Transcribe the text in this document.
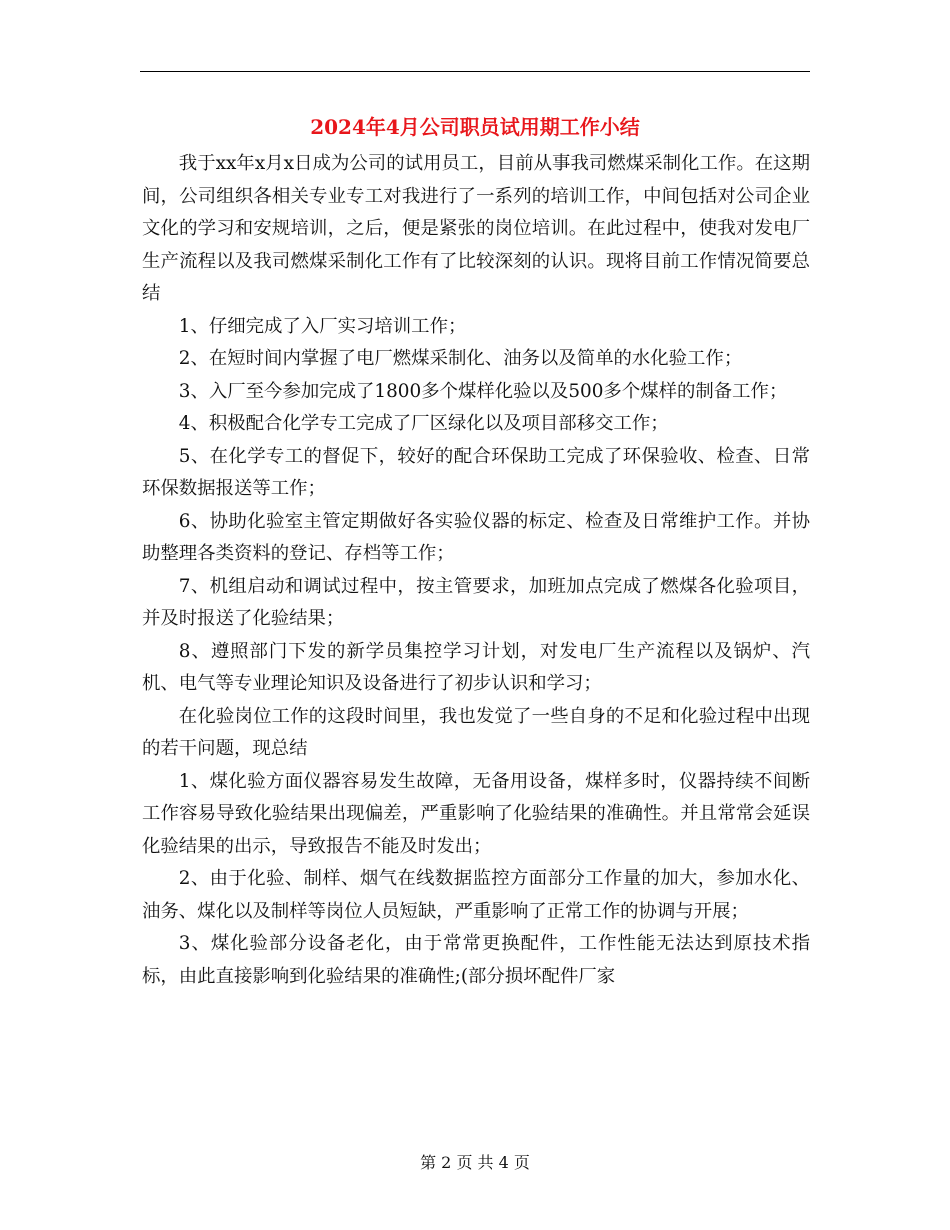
2024年4月公司职员试用期工作小结

我于xx年x月x日成为公司的试用员工，目前从事我司燃煤采制化工作。在这期间，公司组织各相关专业专工对我进行了一系列的培训工作，中间包括对公司企业文化的学习和安规培训，之后，便是紧张的岗位培训。在此过程中，使我对发电厂生产流程以及我司燃煤采制化工作有了比较深刻的认识。现将目前工作情况简要总结

1、仔细完成了入厂实习培训工作；

2、在短时间内掌握了电厂燃煤采制化、油务以及简单的水化验工作；

3、入厂至今参加完成了1800多个煤样化验以及500多个煤样的制备工作；

4、积极配合化学专工完成了厂区绿化以及项目部移交工作；

5、在化学专工的督促下，较好的配合环保助工完成了环保验收、检查、日常环保数据报送等工作；

6、协助化验室主管定期做好各实验仪器的标定、检查及日常维护工作。并协助整理各类资料的登记、存档等工作；

7、机组启动和调试过程中，按主管要求，加班加点完成了燃煤各化验项目，并及时报送了化验结果；

8、遵照部门下发的新学员集控学习计划，对发电厂生产流程以及锅炉、汽机、电气等专业理论知识及设备进行了初步认识和学习；

在化验岗位工作的这段时间里，我也发觉了一些自身的不足和化验过程中出现的若干问题，现总结

1、煤化验方面仪器容易发生故障，无备用设备，煤样多时，仪器持续不间断工作容易导致化验结果出现偏差，严重影响了化验结果的准确性。并且常常会延误化验结果的出示，导致报告不能及时发出；

2、由于化验、制样、烟气在线数据监控方面部分工作量的加大，参加水化、油务、煤化以及制样等岗位人员短缺，严重影响了正常工作的协调与开展；

3、煤化验部分设备老化，由于常常更换配件，工作性能无法达到原技术指标，由此直接影响到化验结果的准确性;(部分损坏配件厂家

第 2 页 共 4 页
